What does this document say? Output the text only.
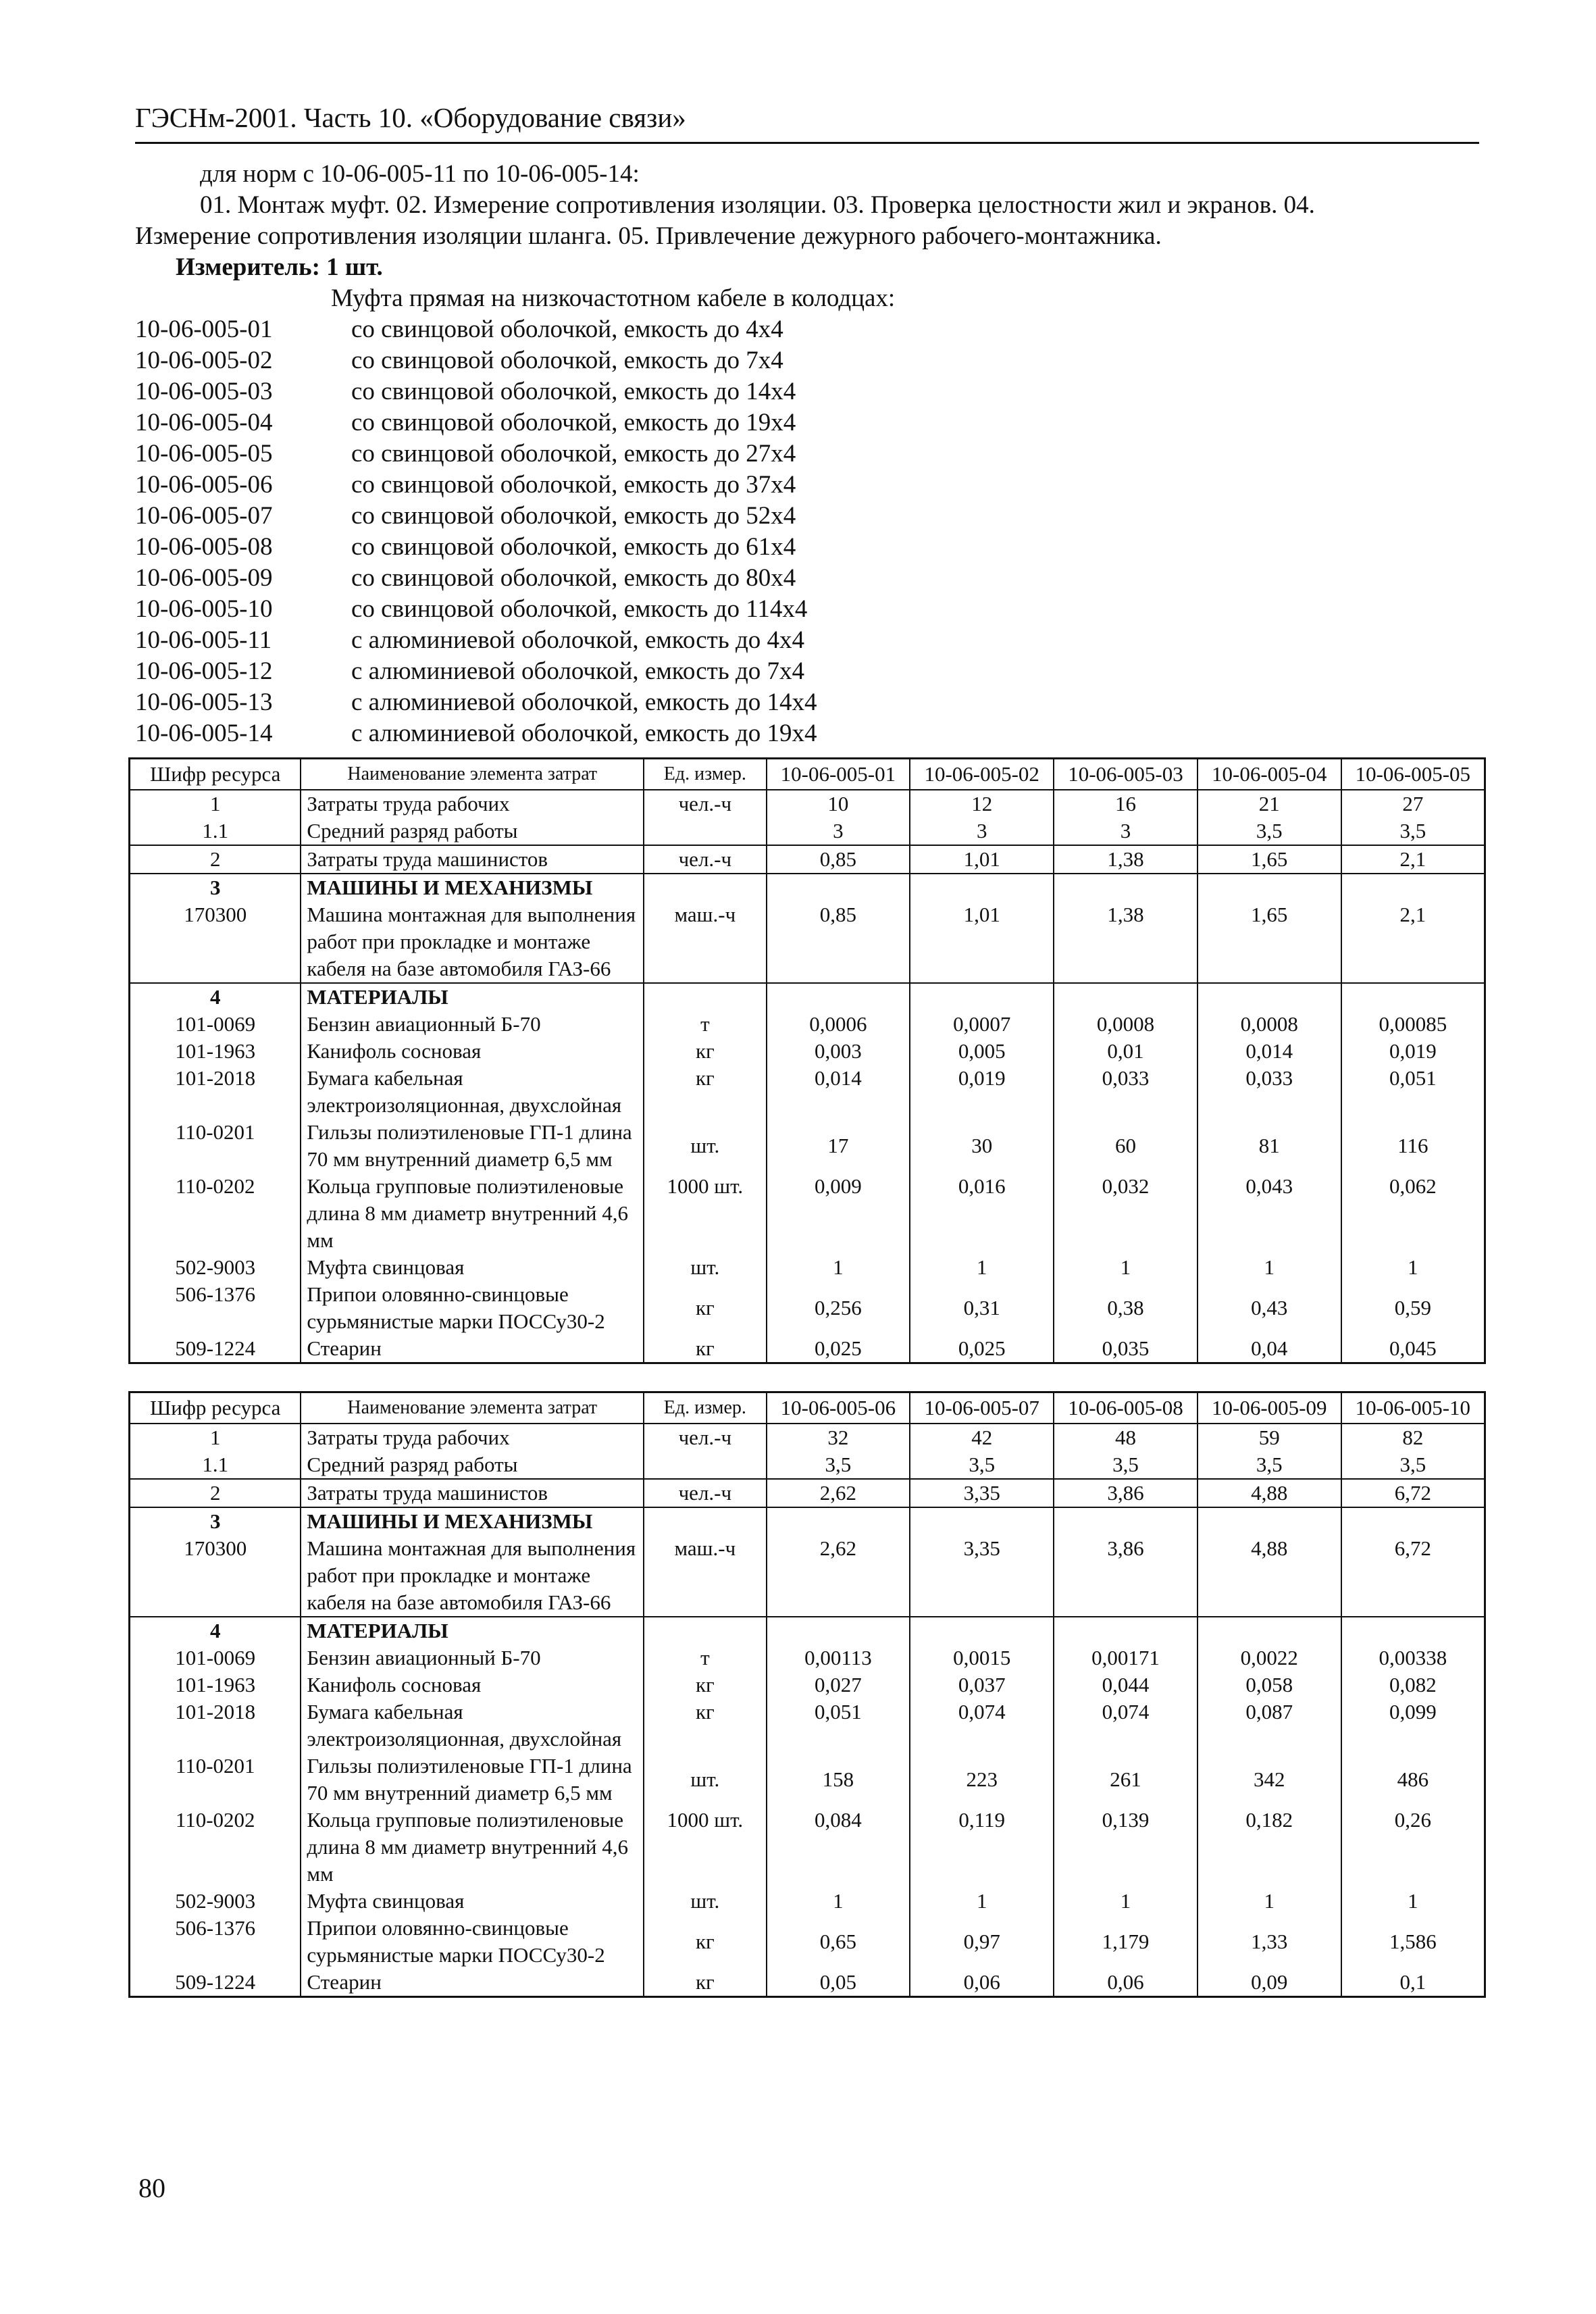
ГЭСНм-2001. Часть 10. «Оборудование связи»
для норм с 10-06-005-11 по 10-06-005-14:
01. Монтаж муфт. 02. Измерение сопротивления изоляции. 03. Проверка целостности жил и экранов. 04.
Измерение сопротивления изоляции шланга. 05. Привлечение дежурного рабочего-монтажника.
Измеритель: 1 шт.
Муфта прямая на низкочастотном кабеле в колодцах:
10-06-005-01	со свинцовой оболочкой, емкость до 4х4
10-06-005-02	со свинцовой оболочкой, емкость до 7х4
10-06-005-03	со свинцовой оболочкой, емкость до 14х4
10-06-005-04	со свинцовой оболочкой, емкость до 19х4
10-06-005-05	со свинцовой оболочкой, емкость до 27х4
10-06-005-06	со свинцовой оболочкой, емкость до 37х4
10-06-005-07	со свинцовой оболочкой, емкость до 52х4
10-06-005-08	со свинцовой оболочкой, емкость до 61х4
10-06-005-09	со свинцовой оболочкой, емкость до 80х4
10-06-005-10	со свинцовой оболочкой, емкость до 114х4
10-06-005-11	с алюминиевой оболочкой, емкость до 4х4
10-06-005-12	с алюминиевой оболочкой, емкость до 7х4
10-06-005-13	с алюминиевой оболочкой, емкость до 14х4
10-06-005-14	с алюминиевой оболочкой, емкость до 19х4
Шифр ресурса	Наименование элемента затрат	Ед. измер.	10-06-005-01	10-06-005-02	10-06-005-03	10-06-005-04	10-06-005-05
1	Затраты труда рабочих	чел.-ч	10	12	16	21	27
1.1	Средний разряд работы		3	3	3	3,5	3,5
2	Затраты труда машинистов	чел.-ч	0,85	1,01	1,38	1,65	2,1
3	МАШИНЫ И МЕХАНИЗМЫ						
170300	Машина монтажная для выполнения работ при прокладке и монтаже кабеля на базе автомобиля ГАЗ-66	маш.-ч	0,85	1,01	1,38	1,65	2,1
4	МАТЕРИАЛЫ						
101-0069	Бензин авиационный Б-70	т	0,0006	0,0007	0,0008	0,0008	0,00085
101-1963	Канифоль сосновая	кг	0,003	0,005	0,01	0,014	0,019
101-2018	Бумага кабельная электроизоляционная, двухслойная	кг	0,014	0,019	0,033	0,033	0,051
110-0201	Гильзы полиэтиленовые ГП-1 длина 70 мм внутренний диаметр 6,5 мм	шт.	17	30	60	81	116
110-0202	Кольца групповые полиэтиленовые длина 8 мм диаметр внутренний 4,6 мм	1000 шт.	0,009	0,016	0,032	0,043	0,062
502-9003	Муфта свинцовая	шт.	1	1	1	1	1
506-1376	Припои оловянно-свинцовые сурьмянистые марки ПОССу30-2	кг	0,256	0,31	0,38	0,43	0,59
509-1224	Стеарин	кг	0,025	0,025	0,035	0,04	0,045
Шифр ресурса	Наименование элемента затрат	Ед. измер.	10-06-005-06	10-06-005-07	10-06-005-08	10-06-005-09	10-06-005-10
1	Затраты труда рабочих	чел.-ч	32	42	48	59	82
1.1	Средний разряд работы		3,5	3,5	3,5	3,5	3,5
2	Затраты труда машинистов	чел.-ч	2,62	3,35	3,86	4,88	6,72
3	МАШИНЫ И МЕХАНИЗМЫ						
170300	Машина монтажная для выполнения работ при прокладке и монтаже кабеля на базе автомобиля ГАЗ-66	маш.-ч	2,62	3,35	3,86	4,88	6,72
4	МАТЕРИАЛЫ						
101-0069	Бензин авиационный Б-70	т	0,00113	0,0015	0,00171	0,0022	0,00338
101-1963	Канифоль сосновая	кг	0,027	0,037	0,044	0,058	0,082
101-2018	Бумага кабельная электроизоляционная, двухслойная	кг	0,051	0,074	0,074	0,087	0,099
110-0201	Гильзы полиэтиленовые ГП-1 длина 70 мм внутренний диаметр 6,5 мм	шт.	158	223	261	342	486
110-0202	Кольца групповые полиэтиленовые длина 8 мм диаметр внутренний 4,6 мм	1000 шт.	0,084	0,119	0,139	0,182	0,26
502-9003	Муфта свинцовая	шт.	1	1	1	1	1
506-1376	Припои оловянно-свинцовые сурьмянистые марки ПОССу30-2	кг	0,65	0,97	1,179	1,33	1,586
509-1224	Стеарин	кг	0,05	0,06	0,06	0,09	0,1
80
